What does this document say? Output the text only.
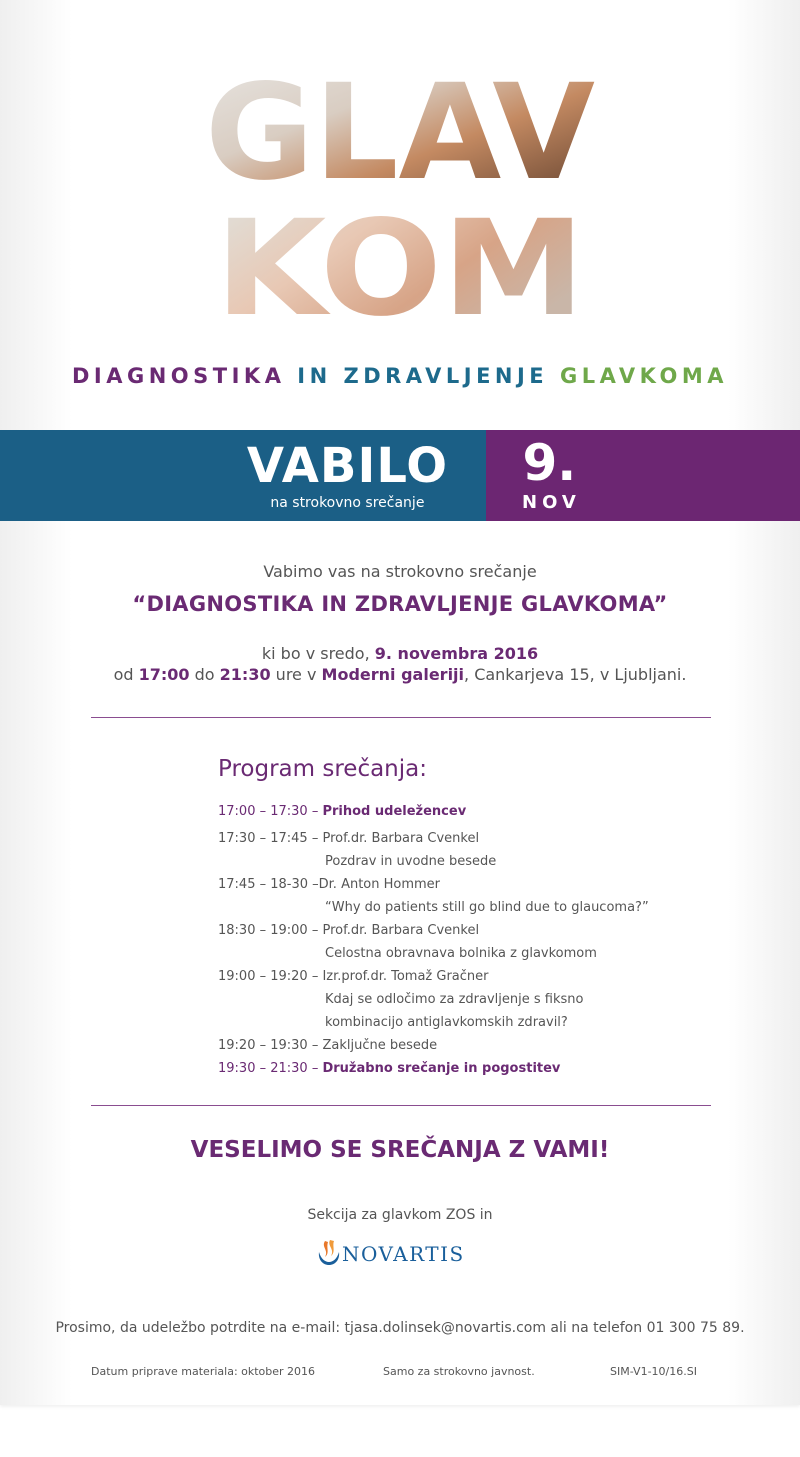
GLAV
KOM
DIAGNOSTIKA IN ZDRAVLJENJE GLAVKOMA
VABILO
na strokovno srečanje
9.
NOV
Vabimo vas na strokovno srečanje
“DIAGNOSTIKA IN ZDRAVLJENJE GLAVKOMA”
ki bo v sredo, 9. novembra 2016
od 17:00 do 21:30 ure v Moderni galeriji, Cankarjeva 15, v Ljubljani.
Program srečanja:
17:00 – 17:30 – Prihod udeležencev
17:30 – 17:45 – Prof.dr. Barbara Cvenkel
Pozdrav in uvodne besede
17:45 – 18-30 –Dr. Anton Hommer
“Why do patients still go blind due to glaucoma?”
18:30 – 19:00 – Prof.dr. Barbara Cvenkel
Celostna obravnava bolnika z glavkomom
19:00 – 19:20 – Izr.prof.dr. Tomaž Gračner
Kdaj se odločimo za zdravljenje s fiksno
kombinacijo antiglavkomskih zdravil?
19:20 – 19:30 – Zaključne besede
19:30 – 21:30 – Družabno srečanje in pogostitev
VESELIMO SE SREČANJA Z VAMI!
Sekcija za glavkom ZOS in
NOVARTIS
Prosimo, da udeležbo potrdite na e-mail: tjasa.dolinsek@novartis.com ali na telefon 01 300 75 89.
Datum priprave materiala: oktober 2016	Samo za strokovno javnost.	SIM-V1-10/16.SI
